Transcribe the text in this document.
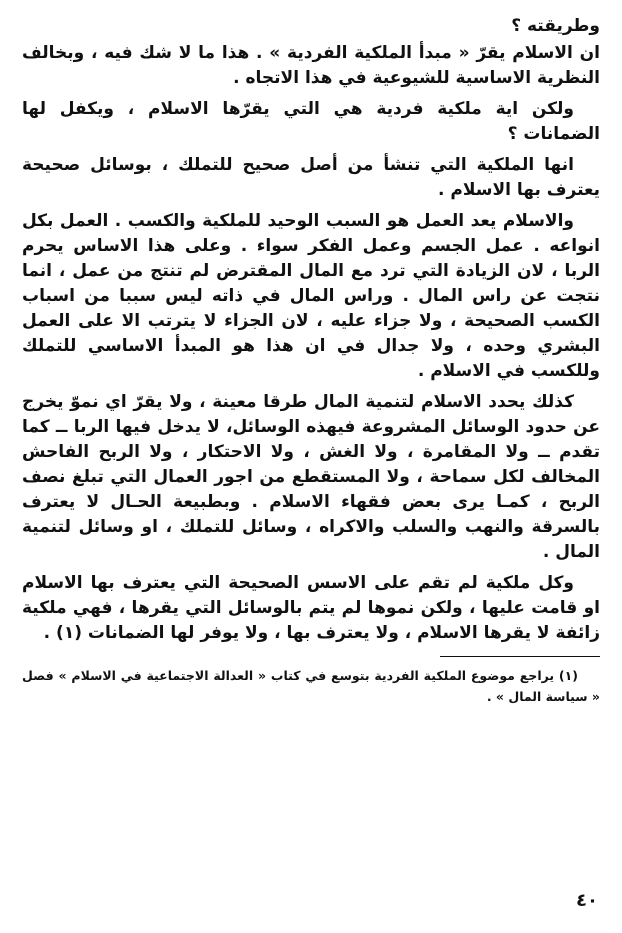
وطريقته ؟

ان الاسلام يقرّ « مبدأ الملكية الفردية » . هذا ما لا شك فيه ، وبخالف النظرية الاساسية للشيوعية في هذا الاتجاه .

ولكن اية ملكية فردية هي التي يقرّها الاسلام ، ويكفل لها الضمانات ؟

انها الملكية التي تنشأ من أصل صحيح للتملك ، بوسائل صحيحة يعترف بها الاسلام .

والاسلام يعد العمل هو السبب الوحيد للملكية والكسب . العمل بكل انواعه . عمل الجسم وعمل الفكر سواء . وعلى هذا الاساس يحرم الربا ، لان الزيادة التي ترد مع المال المقترض لم تنتج من عمل ، انما نتجت عن راس المال . وراس المال في ذاته ليس سببا من اسباب الكسب الصحيحة ، ولا جزاء عليه ، لان الجزاء لا يترتب الا على العمل البشري وحده ، ولا جدال في ان هذا هو المبدأ الاساسي للتملك وللكسب في الاسلام .

كذلك يحدد الاسلام لتنمية المال طرقا معينة ، ولا يقرّ اي نموّ يخرج عن حدود الوسائل المشروعة فيهذه الوسائل، لا يدخل فيها الربا ــ كما تقدم ــ ولا المقامرة ، ولا الغش ، ولا الاحتكار ، ولا الربح الفاحش المخالف لكل سماحة ، ولا المستقطع من اجور العمال التي تبلغ نصف الربح ، كمـا يرى بعض فقهاء الاسلام . وبطبيعة الحـال لا يعترف بالسرقة والنهب والسلب والاكراه ، وسائل للتملك ، او وسائل لتنمية المال .

وكل ملكية لم تقم على الاسس الصحيحة التي يعترف بها الاسلام او قامت عليها ، ولكن نموها لم يتم بالوسائل التي يقرها ، فهي ملكية زائفة لا يقرها الاسلام ، ولا يعترف بها ، ولا يوفر لها الضمانات (١) .

(١) يراجع موضوع الملكية الفردية بتوسع في كتاب « العدالة الاجتماعية في الاسلام » فصل « سياسة المال » .

٤٠
